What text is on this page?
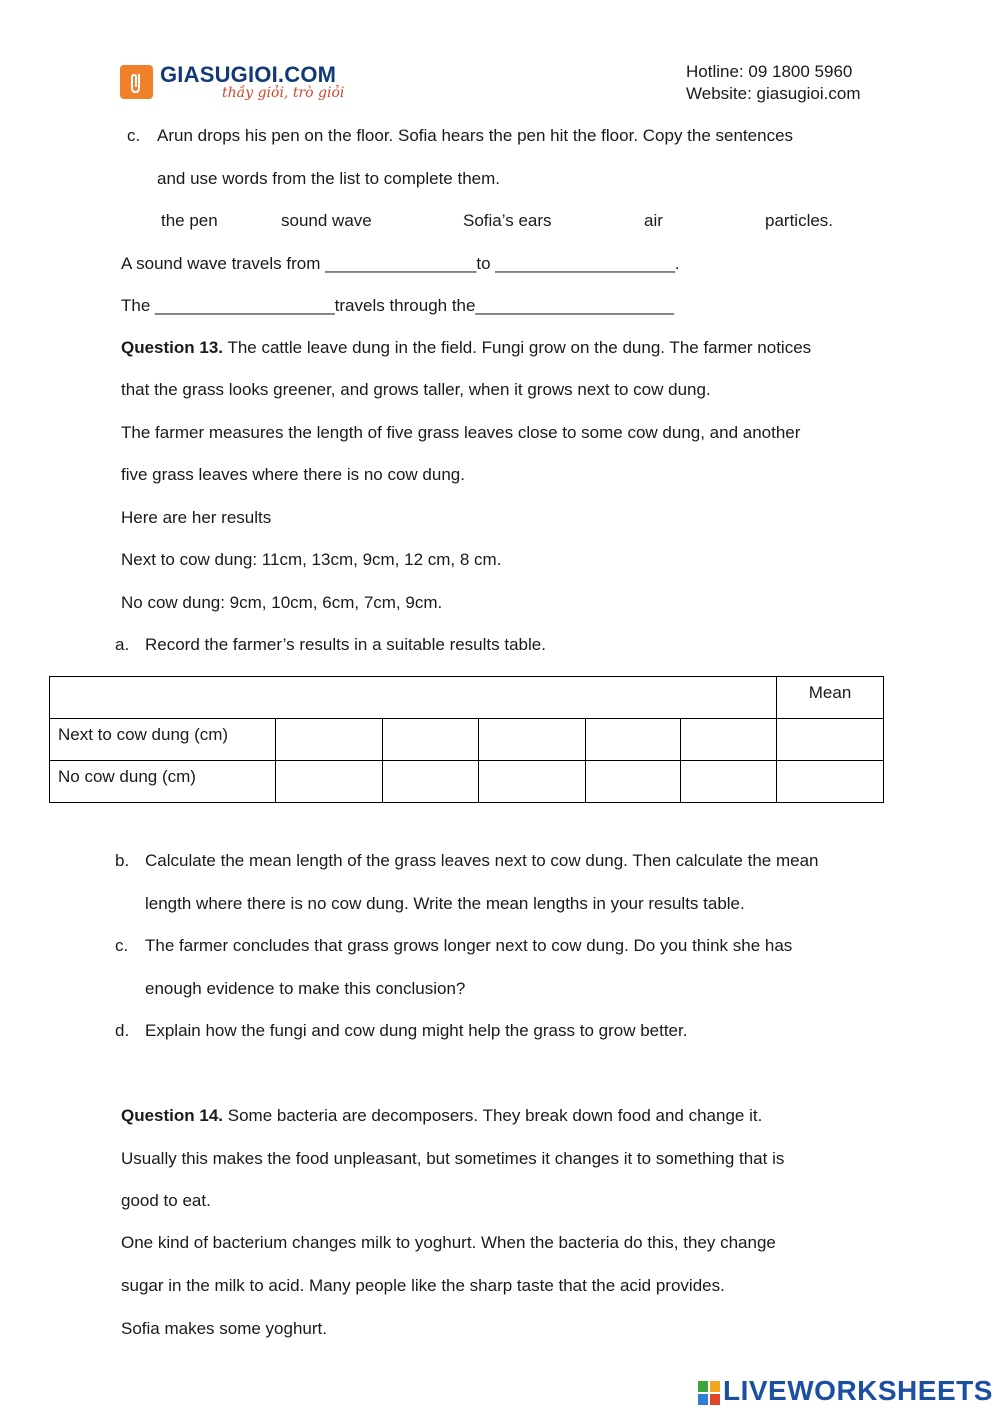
GIASUGIOI.COM
thầy giỏi, trò giỏi
Hotline: 09 1800 5960
Website: giasugioi.com
c. Arun drops his pen on the floor. Sofia hears the pen hit the floor. Copy the sentences
and use words from the list to complete them.
the pen	sound wave	Sofia’s ears	air	particles.
A sound wave travels from ________________to ___________________.
The ___________________travels through the_____________________
Question 13. The cattle leave dung in the field. Fungi grow on the dung. The farmer notices
that the grass looks greener, and grows taller, when it grows next to cow dung.
The farmer measures the length of five grass leaves close to some cow dung, and another
five grass leaves where there is no cow dung.
Here are her results
Next to cow dung: 11cm, 13cm, 9cm, 12 cm, 8 cm.
No cow dung: 9cm, 10cm, 6cm, 7cm, 9cm.
a. Record the farmer’s results in a suitable results table.
						Mean
Next to cow dung (cm)						
No cow dung (cm)						
b. Calculate the mean length of the grass leaves next to cow dung. Then calculate the mean
length where there is no cow dung. Write the mean lengths in your results table.
c. The farmer concludes that grass grows longer next to cow dung. Do you think she has
enough evidence to make this conclusion?
d. Explain how the fungi and cow dung might help the grass to grow better.
Question 14. Some bacteria are decomposers. They break down food and change it.
Usually this makes the food unpleasant, but sometimes it changes it to something that is
good to eat.
One kind of bacterium changes milk to yoghurt. When the bacteria do this, they change
sugar in the milk to acid. Many people like the sharp taste that the acid provides.
Sofia makes some yoghurt.
LIVEWORKSHEETS
